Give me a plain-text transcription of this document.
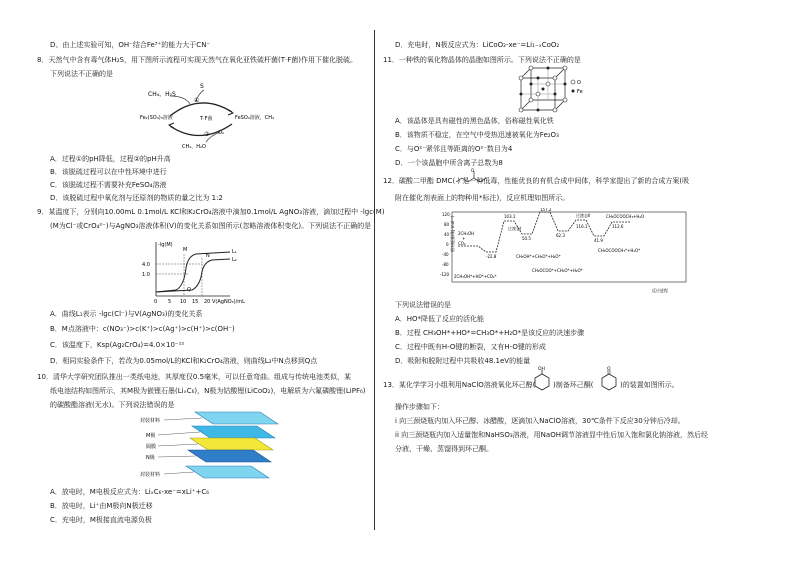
D、由上述实验可知，OH⁻结合Fe³⁺的能力大于CN⁻
8．天然气中含有毒气体H₂S，用下图所示流程可实现天然气在氧化亚铁硫杆菌(T·F菌)作用下催化脱硫。
下列说法不正确的是
CH₄，H₂S
S
T·F菌
Fe₂(SO₄)₃溶液	FeSO₄溶液，CH₄
CH₄，H₂O
O₂
①
②
A．过程①的pH降低，过程②的pH升高
B．该脱硫过程可以在中性环境中进行
C．该脱硫过程不需要补充FeSO₄溶液
D．该脱硫过程中氧化剂与还原剂的物质的量之比为 1:2
9．某温度下，分别向10.00mL 0.1mol/L KCl和K₂CrO₄溶液中滴加0.1mol/L AgNO₃溶液，滴加过程中 -lgc(M)
(M为Cl⁻或CrO₄²⁻)与AgNO₃溶液体积(V)的变化关系如图所示(忽略溶液体积变化)。下列说法不正确的是
-lg(M)
4.0
1.0
0 5 10 15 20 V(AgNO₃)/mL
M
N
Q
L₁
L₂
A．曲线L₁表示 -lgc(Cl⁻)与V(AgNO₃)的变化关系
B．M点溶液中：c(NO₃⁻)>c(K⁺)>c(Ag⁺)>c(H⁺)>c(OH⁻)
C．该温度下，Ksp(Ag₂CrO₄)=4.0×10⁻¹²
D．相同实验条件下，若改为0.05mol/L的KCl和K₂CrO₄溶液，则曲线L₂中N点移到Q点
10．清华大学研究团队推出一类纸电池，其厚度仅0.5毫米，可以任意弯曲。组成与传统电池类似，某
纸电池结构如图所示，其M极为嵌锂石墨(LiₓC₆)，N极为钴酸锂(LiCoO₂)，电解质为六氟磷酸锂(LiPF₆)
的碳酸酯溶液(无水)。下列说法错误的是
封装材料
M极
隔膜
N极
封装材料
A．放电时，M电极反应式为：LiₓC₆-xe⁻=xLi⁺+C₆
B．放电时，Li⁺由M极向N极迁移
C．充电时，M极接直流电源负极
D．充电时，N极反应式为：LiCoO₂-xe⁻=Li₁₋ₓCoO₂
11．一种铁的氧化物晶体的晶胞如图所示。下列说法不正确的是
O
Fe
A．该晶体是具有磁性的黑色晶体，俗称磁性氧化铁
B．该物质不稳定，在空气中受热迅速被氧化为Fe₂O₃
C．与O²⁻紧邻且等距离的O²⁻数目为4
D．一个该晶胞中所含离子总数为8
12．碳酸二甲酯 DMC( ) 是一种低毒，性能优良的有机合成中间体，科学家提出了新的合成方案(吸
O
附在催化剂表面上的物种用*标注)，反应机理如图所示。
相对能量/(kJ·mol⁻¹)
120
80
40
0
-40
-80
-120
2CH₃OH
+
CO₂
-22.8
103.1
50.5
157.2
62.3
116.1
41.9
112.6
过渡态Ⅰ
过渡态Ⅱ	CH₃OCOOCH₃+H₂O
2CH₃OH*+HO*+CO₂*
CH₃OH*+CH₃O*+H₂O*
CH₃OCOO*+CH₃O*+H₂O*
CH₃OCOOCH₃*+H₂O*
反应进程
下列说法错误的是
A．HO*降低了反应的活化能
B．过程 CH₃OH*+HO*=CH₃O*+H₂O*是该反应的决速步骤
C．过程中既有H-O键的断裂，又有H-O键的形成
D．吸附和脱附过程中共吸收48.1eV的能量
13．某化学学习小组利用NaClO溶液氧化环己醇(
OH
)制备环己酮(
O
)的装置如图所示。
操作步骤如下：
i 向三颈烧瓶内加入环己醇、冰醋酸，逐滴加入NaClO溶液，30℃条件下反应30分钟后冷却。
ii 向三颈烧瓶内加入适量饱和NaHSO₃溶液，用NaOH调节溶液显中性后加入饱和氯化钠溶液，然后经
分液、干燥、蒸馏得到环己酮。
